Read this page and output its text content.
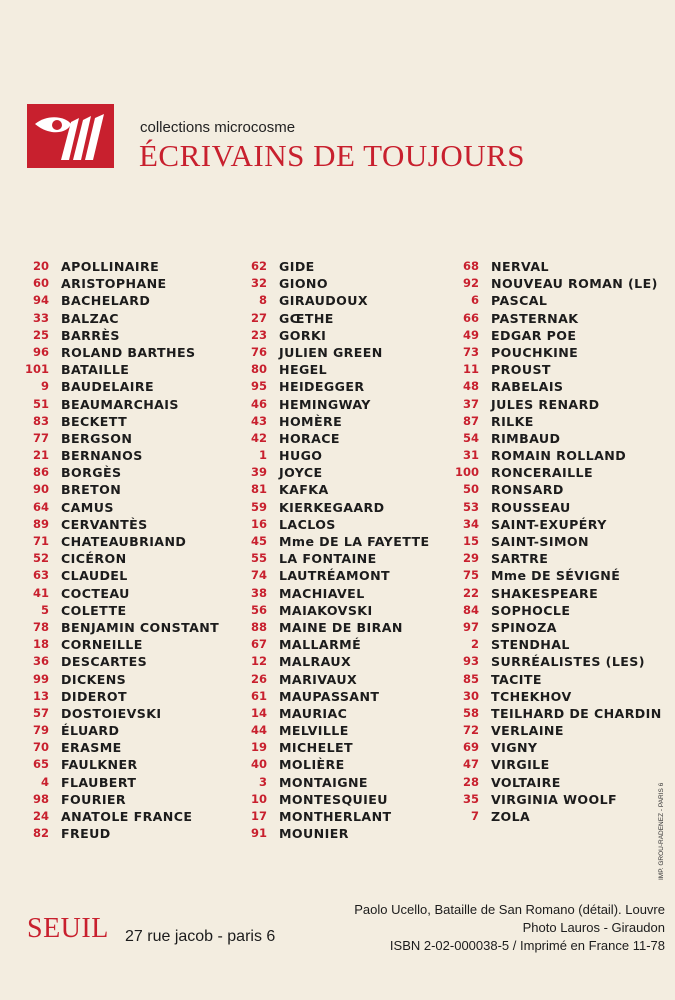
collections microcosme
ÉCRIVAINS DE TOUJOURS
20 APOLLINAIRE
60 ARISTOPHANE
94 BACHELARD
33 BALZAC
25 BARRÈS
96 ROLAND BARTHES
101 BATAILLE
9 BAUDELAIRE
51 BEAUMARCHAIS
83 BECKETT
77 BERGSON
21 BERNANOS
86 BORGÈS
90 BRETON
64 CAMUS
89 CERVANTÈS
71 CHATEAUBRIAND
52 CICÉRON
63 CLAUDEL
41 COCTEAU
5 COLETTE
78 BENJAMIN CONSTANT
18 CORNEILLE
36 DESCARTES
99 DICKENS
13 DIDEROT
57 DOSTOIEVSKI
79 ÉLUARD
70 ERASME
65 FAULKNER
4 FLAUBERT
98 FOURIER
24 ANATOLE FRANCE
82 FREUD
62 GIDE
32 GIONO
8 GIRAUDOUX
27 GŒTHE
23 GORKI
76 JULIEN GREEN
80 HEGEL
95 HEIDEGGER
46 HEMINGWAY
43 HOMÈRE
42 HORACE
1 HUGO
39 JOYCE
81 KAFKA
59 KIERKEGAARD
16 LACLOS
45 Mme DE LA FAYETTE
55 LA FONTAINE
74 LAUTRÉAMONT
38 MACHIAVEL
56 MAIAKOVSKI
88 MAINE DE BIRAN
67 MALLARMÉ
12 MALRAUX
26 MARIVAUX
61 MAUPASSANT
14 MAURIAC
44 MELVILLE
19 MICHELET
40 MOLIÈRE
3 MONTAIGNE
10 MONTESQUIEU
17 MONTHERLANT
91 MOUNIER
68 NERVAL
92 NOUVEAU ROMAN (LE)
6 PASCAL
66 PASTERNAK
49 EDGAR POE
73 POUCHKINE
11 PROUST
48 RABELAIS
37 JULES RENARD
87 RILKE
54 RIMBAUD
31 ROMAIN ROLLAND
100 RONCERAILLE
50 RONSARD
53 ROUSSEAU
34 SAINT-EXUPÉRY
15 SAINT-SIMON
29 SARTRE
75 Mme DE SÉVIGNÉ
22 SHAKESPEARE
84 SOPHOCLE
97 SPINOZA
2 STENDHAL
93 SURRÉALISTES (LES)
85 TACITE
30 TCHEKHOV
58 TEILHARD DE CHARDIN
72 VERLAINE
69 VIGNY
47 VIRGILE
28 VOLTAIRE
35 VIRGINIA WOOLF
7 ZOLA
SEUIL 27 rue jacob - paris 6
Paolo Ucello, Bataille de San Romano (détail). Louvre
Photo Lauros - Giraudon
ISBN 2-02-000038-5 / Imprimé en France 11-78
IMP. GROU-RADENEZ - PARIS 6
